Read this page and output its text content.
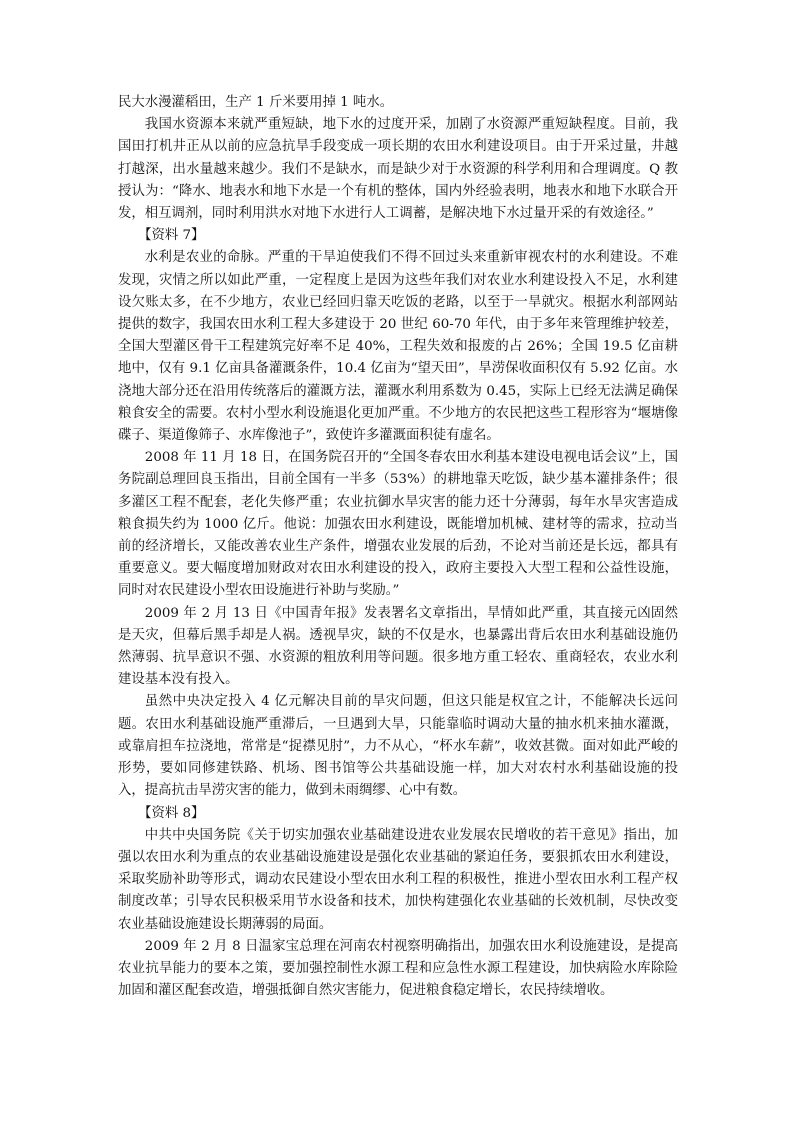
民大水漫灌稻田，生产 1 斤米要用掉 1 吨水。

我国水资源本来就严重短缺，地下水的过度开采，加剧了水资源严重短缺程度。目前，我国田打机井正从以前的应急抗旱手段变成一项长期的农田水利建设项目。由于开采过量，井越打越深，出水量越来越少。我们不是缺水，而是缺少对于水资源的科学利用和合理调度。Q 教授认为：“降水、地表水和地下水是一个有机的整体，国内外经验表明，地表水和地下水联合开发，相互调剂，同时利用洪水对地下水进行人工调蓄，是解决地下水过量开采的有效途径。”

【资料 7】

水利是农业的命脉。严重的干旱迫使我们不得不回过头来重新审视农村的水利建设。不难发现，灾情之所以如此严重，一定程度上是因为这些年我们对农业水利建设投入不足，水利建设欠账太多，在不少地方，农业已经回归靠天吃饭的老路，以至于一旱就灾。根据水利部网站提供的数字，我国农田水利工程大多建设于 20 世纪 60-70 年代，由于多年来管理维护较差，全国大型灌区骨干工程建筑完好率不足 40%，工程失效和报废的占 26%；全国 19.5 亿亩耕地中，仅有 9.1 亿亩具备灌溉条件，10.4 亿亩为“望天田”，旱涝保收面积仅有 5.92 亿亩。水浇地大部分还在沿用传统落后的灌溉方法，灌溉水利用系数为 0.45，实际上已经无法满足确保粮食安全的需要。农村小型水利设施退化更加严重。不少地方的农民把这些工程形容为“堰塘像碟子、渠道像筛子、水库像池子”，致使许多灌溉面积徒有虚名。

2008 年 11 月 18 日，在国务院召开的“全国冬春农田水利基本建设电视电话会议”上，国务院副总理回良玉指出，目前全国有一半多（53%）的耕地靠天吃饭，缺少基本灌排条件；很多灌区工程不配套，老化失修严重；农业抗御水旱灾害的能力还十分薄弱，每年水旱灾害造成粮食损失约为 1000 亿斤。他说：加强农田水利建设，既能增加机械、建材等的需求，拉动当前的经济增长，又能改善农业生产条件，增强农业发展的后劲，不论对当前还是长远，都具有重要意义。要大幅度增加财政对农田水利建设的投入，政府主要投入大型工程和公益性设施，同时对农民建设小型农田设施进行补助与奖励。”

2009 年 2 月 13 日《中国青年报》发表署名文章指出，旱情如此严重，其直接元凶固然是天灾，但幕后黑手却是人祸。透视旱灾，缺的不仅是水，也暴露出背后农田水利基础设施仍然薄弱、抗旱意识不强、水资源的粗放利用等问题。很多地方重工轻农、重商轻农，农业水利建设基本没有投入。

虽然中央决定投入 4 亿元解决目前的旱灾问题，但这只能是权宜之计，不能解决长远问题。农田水利基础设施严重滞后，一旦遇到大旱，只能靠临时调动大量的抽水机来抽水灌溉，或靠肩担车拉浇地，常常是“捉襟见肘”，力不从心，“杯水车薪”，收效甚微。面对如此严峻的形势，要如同修建铁路、机场、图书馆等公共基础设施一样，加大对农村水利基础设施的投入，提高抗击旱涝灾害的能力，做到未雨绸缪、心中有数。

【资料 8】

中共中央国务院《关于切实加强农业基础建设进农业发展农民增收的若干意见》指出，加强以农田水利为重点的农业基础设施建设是强化农业基础的紧迫任务，要狠抓农田水利建设，采取奖励补助等形式，调动农民建设小型农田水利工程的积极性，推进小型农田水利工程产权制度改革；引导农民积极采用节水设备和技术，加快构建强化农业基础的长效机制，尽快改变农业基础设施建设长期薄弱的局面。

2009 年 2 月 8 日温家宝总理在河南农村视察明确指出，加强农田水利设施建设，是提高农业抗旱能力的要本之策，要加强控制性水源工程和应急性水源工程建设，加快病险水库除险加固和灌区配套改造，增强抵御自然灾害能力，促进粮食稳定增长，农民持续增收。
